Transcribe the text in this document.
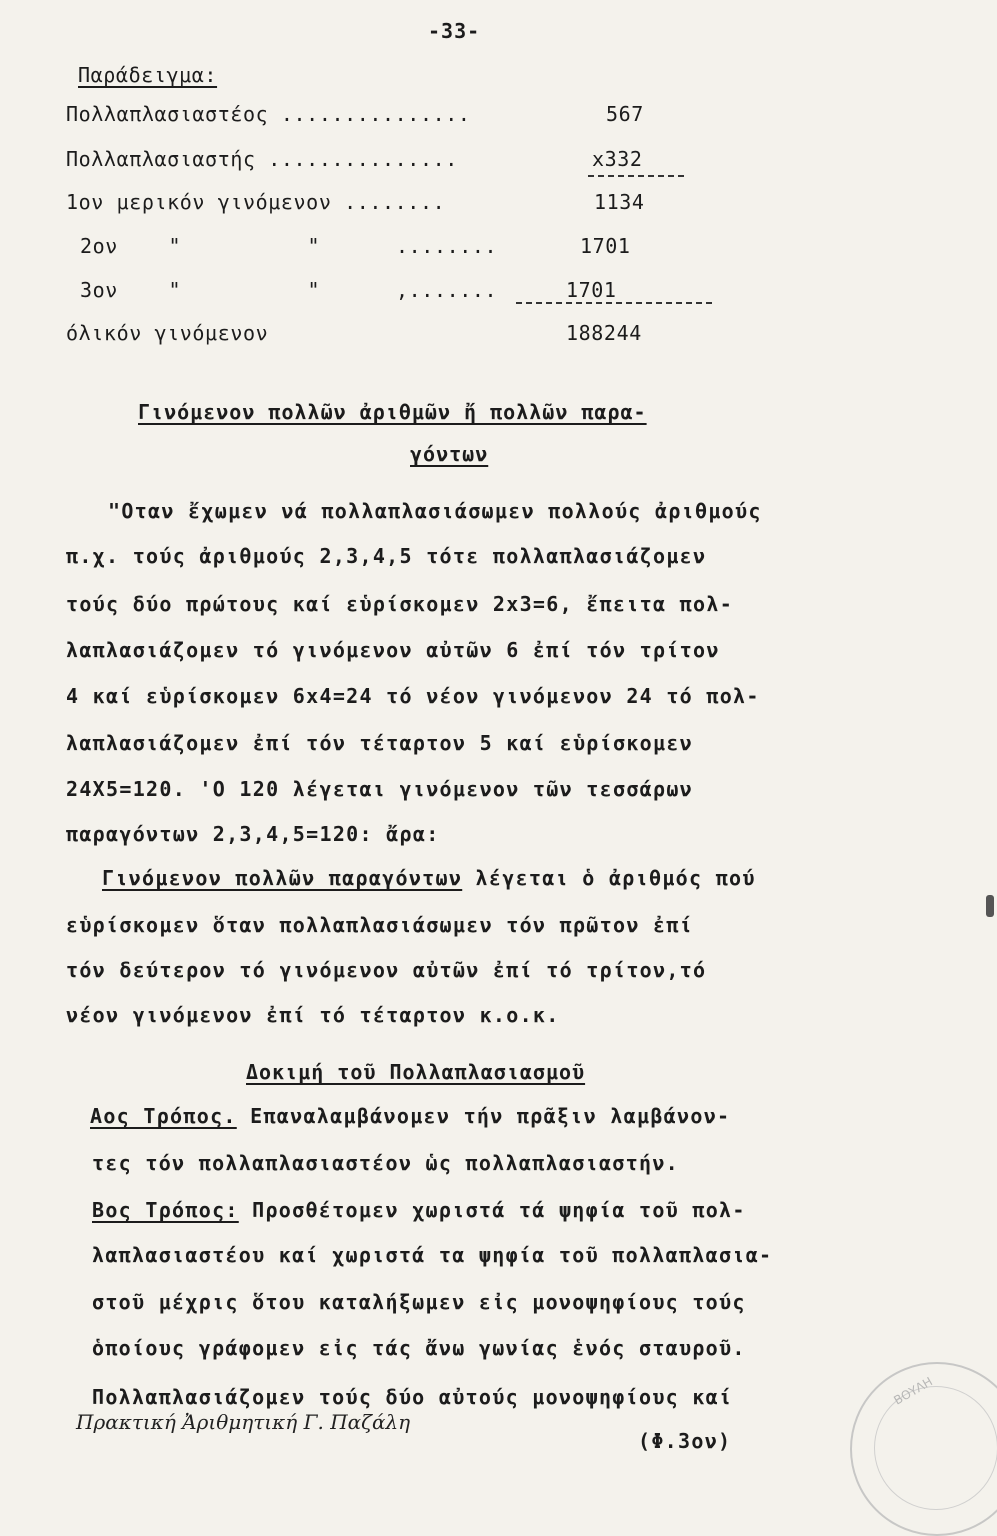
-33-
Παράδειγμα:
Πολλαπλασιαστέος ...............	567
Πολλαπλασιαστής ...............	x332
1ον μερικόν γινόμενον ........	1134
2ον    "          "      ........	1701
3ον    "          "      ,.......	1701
όλικόν γινόμενον	188244
Γινόμενον πολλῶν ἀριθμῶν ἤ πολλῶν παρα-
γόντων
"Οταν ἔχωμεν νά πολλαπλασιάσωμεν πολλούς ἀριθμούς
π.χ. τούς ἀριθμούς 2,3,4,5 τότε πολλαπλασιάζομεν
τούς δύο πρώτους καί εὑρίσκομεν 2x3=6, ἔπειτα πολ-
λαπλασιάζομεν τό γινόμενον αὐτῶν 6 ἐπί τόν τρίτον
4 καί εὑρίσκομεν 6x4=24 τό νέον γινόμενον 24 τό πολ-
λαπλασιάζομεν ἐπί τόν τέταρτον 5 καί εὑρίσκομεν
24X5=120. 'Ο 120 λέγεται γινόμενον τῶν τεσσάρων
παραγόντων 2,3,4,5=120: ἄρα:
Γινόμενον πολλῶν παραγόντων λέγεται ὁ ἀριθμός πού
εὑρίσκομεν ὅταν πολλαπλασιάσωμεν τόν πρῶτον ἐπί
τόν δεύτερον τό γινόμενον αὐτῶν ἐπί τό τρίτον,τό
νέον γινόμενον ἐπί τό τέταρτον κ.ο.κ.
Δοκιμή τοῦ Πολλαπλασιασμοῦ
Αος Τρόπος. Επαναλαμβάνομεν τήν πρᾶξιν λαμβάνον-
τες τόν πολλαπλασιαστέον ὡς πολλαπλασιαστήν.
Βος Τρόπος: Προσθέτομεν χωριστά τά ψηφία τοῦ πολ-
λαπλασιαστέου καί χωριστά τα ψηφία τοῦ πολλαπλασια-
στοῦ μέχρις ὅτου καταλήξωμεν εἰς μονοψηφίους τούς
ὁποίους γράφομεν εἰς τάς ἄνω γωνίας ἑνός σταυροῦ.
Πολλαπλασιάζομεν τούς δύο αὐτούς μονοψηφίους καί
Πρακτική Ἀριθμητική Γ. Παζάλη
(Φ.3ον)
ΒΟΥΛΗ
